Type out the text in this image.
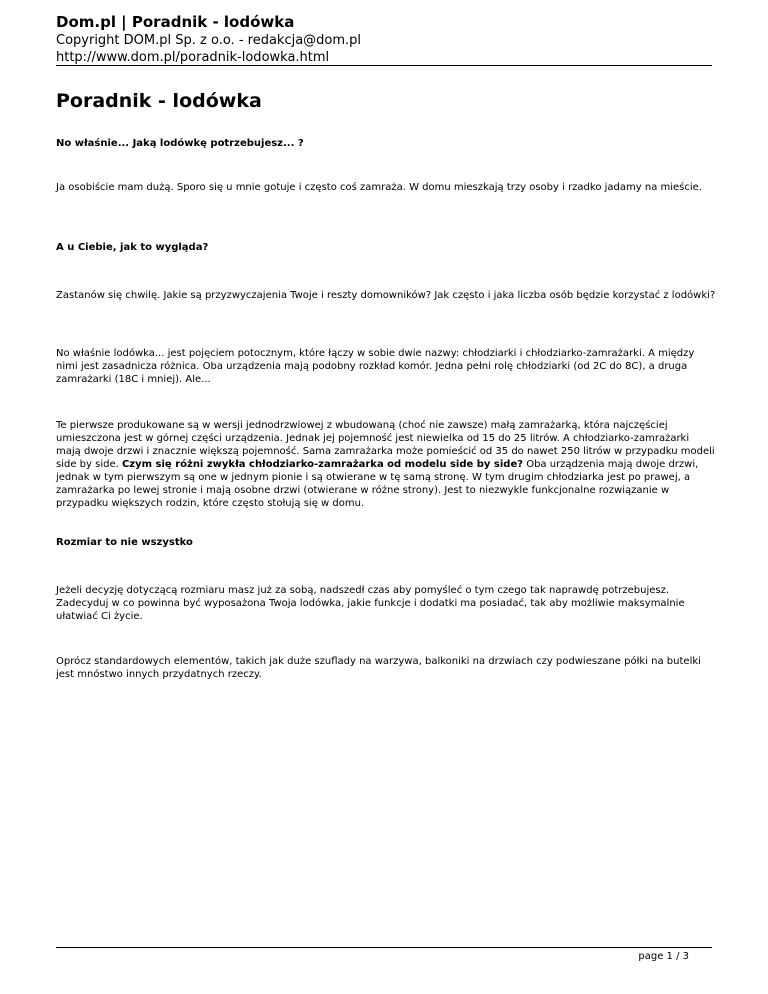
Dom.pl | Poradnik - lodówka
Copyright DOM.pl Sp. z o.o. - redakcja@dom.pl
http://www.dom.pl/poradnik-lodowka.html
Poradnik - lodówka
No właśnie... Jaką lodówkę potrzebujesz... ?
Ja osobiście mam dużą. Sporo się u mnie gotuje i często coś zamraża. W domu mieszkają trzy osoby i rzadko jadamy na mieście.
A u Ciebie, jak to wygląda?
Zastanów się chwilę. Jakie są przyzwyczajenia Twoje i reszty domowników? Jak często i jaka liczba osób będzie korzystać z lodówki?
No właśnie lodówka... jest pojęciem potocznym, które łączy w sobie dwie nazwy: chłodziarki i chłodziarko-zamrażarki. A między nimi jest zasadnicza różnica. Oba urządzenia mają podobny rozkład komór. Jedna pełni rolę chłodziarki (od 2C do 8C), a druga zamrażarki (18C i mniej). Ale...
Te pierwsze produkowane są w wersji jednodrzwiowej z wbudowaną (choć nie zawsze) małą zamrażarką, która najczęściej umieszczona jest w górnej części urządzenia. Jednak jej pojemność jest niewielka od 15 do 25 litrów. A chłodziarko-zamrażarki mają dwoje drzwi i znacznie większą pojemność. Sama zamrażarka może pomieścić od 35 do nawet 250 litrów w przypadku modeli side by side. Czym się różni zwykła chłodziarko-zamrażarka od modelu side by side? Oba urządzenia mają dwoje drzwi, jednak w tym pierwszym są one w jednym pionie i są otwierane w tę samą stronę. W tym drugim chłodziarka jest po prawej, a zamrażarka po lewej stronie i mają osobne drzwi (otwierane w różne strony). Jest to niezwykle funkcjonalne rozwiązanie w przypadku większych rodzin, które często stołują się w domu.
Rozmiar to nie wszystko
Jeżeli decyzję dotyczącą rozmiaru masz już za sobą, nadszedł czas aby pomyśleć o tym czego tak naprawdę potrzebujesz. Zadecyduj w co powinna być wyposażona Twoja lodówka, jakie funkcje i dodatki ma posiadać, tak aby możliwie maksymalnie ułatwiać Ci życie.
Oprócz standardowych elementów, takich jak duże szuflady na warzywa, balkoniki na drzwiach czy podwieszane półki na butelki jest mnóstwo innych przydatnych rzeczy.
page 1 / 3
